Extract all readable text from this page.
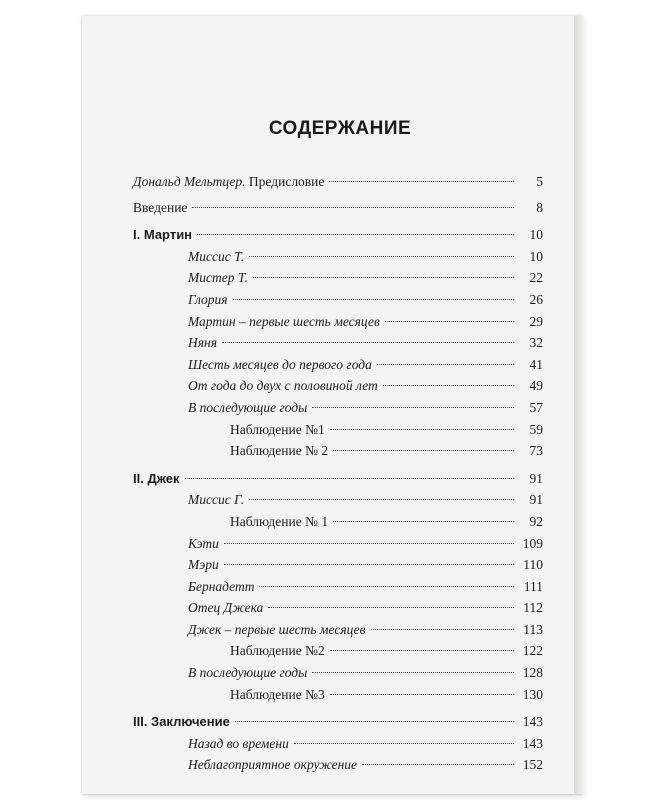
СОДЕРЖАНИЕ
Дональд Мельтцер. Предисловие	5
Введение	8
I. Мартин	10
Миссис Т.	10
Мистер Т.	22
Глория	26
Мартин – первые шесть месяцев	29
Няня	32
Шесть месяцев до первого года	41
От года до двух с половиной лет	49
В последующие годы	57
Наблюдение №1	59
Наблюдение № 2	73
II. Джек	91
Миссис Г.	91
Наблюдение № 1	92
Кэти	109
Мэри	110
Бернадетт	111
Отец Джека	112
Джек – первые шесть месяцев	113
Наблюдение №2	122
В последующие годы	128
Наблюдение №3	130
III. Заключение	143
Назад во времени	143
Неблагоприятное окружение	152
